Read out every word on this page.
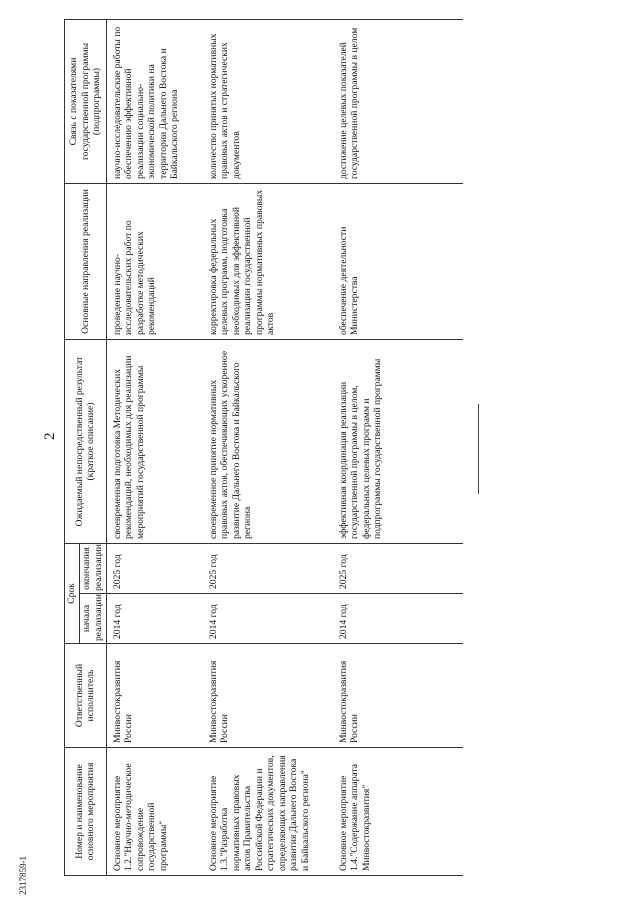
2
2317859-1
Номер и наименование основного мероприятия	Ответственный исполнитель	Срок		Ожидаемый непосредственный результат (краткое описание)	Основные направления реализации	Связь с показателями государственной программы (подпрограммы)
		начала реализации	окончания реализации			
Основное мероприятие 1.2."Научно-методическое сопровождение государственной программы"	Минвостокразвития России	2014 год	2025 год	своевременная подготовка Методических рекомендаций, необходимых для реализации мероприятий государственной программы	проведение научно-исследовательских работ по разработке методических рекомендаций	научно-исследовательские работы по обеспечению эффективной реализации социально-экономической политики на территории Дальнего Востока и Байкальского региона
Основное мероприятие 1.3."Разработка нормативных правовых актов Правительства Российской Федерации и стратегических документов, определяющих направления развития Дальнего Востока и Байкальского региона"	Минвостокразвития России	2014 год	2025 год	своевременное принятие нормативных правовых актов, обеспечивающих ускоренное развитие Дальнего Востока и Байкальского региона	корректировка федеральных целевых программ, подготовка необходимых для эффективной реализации государственной программы нормативных правовых актов	количество принятых нормативных правовых актов и стратегических документов
Основное мероприятие 1.4."Содержание аппарата Минвостокразвития"	Минвостокразвития России	2014 год	2025 год	эффективная координация реализации государственной программы в целом, федеральных целевых программ и подпрограммы государственной программы	обеспечение деятельности Министерства	достижение целевых показателей государственной программы в целом
